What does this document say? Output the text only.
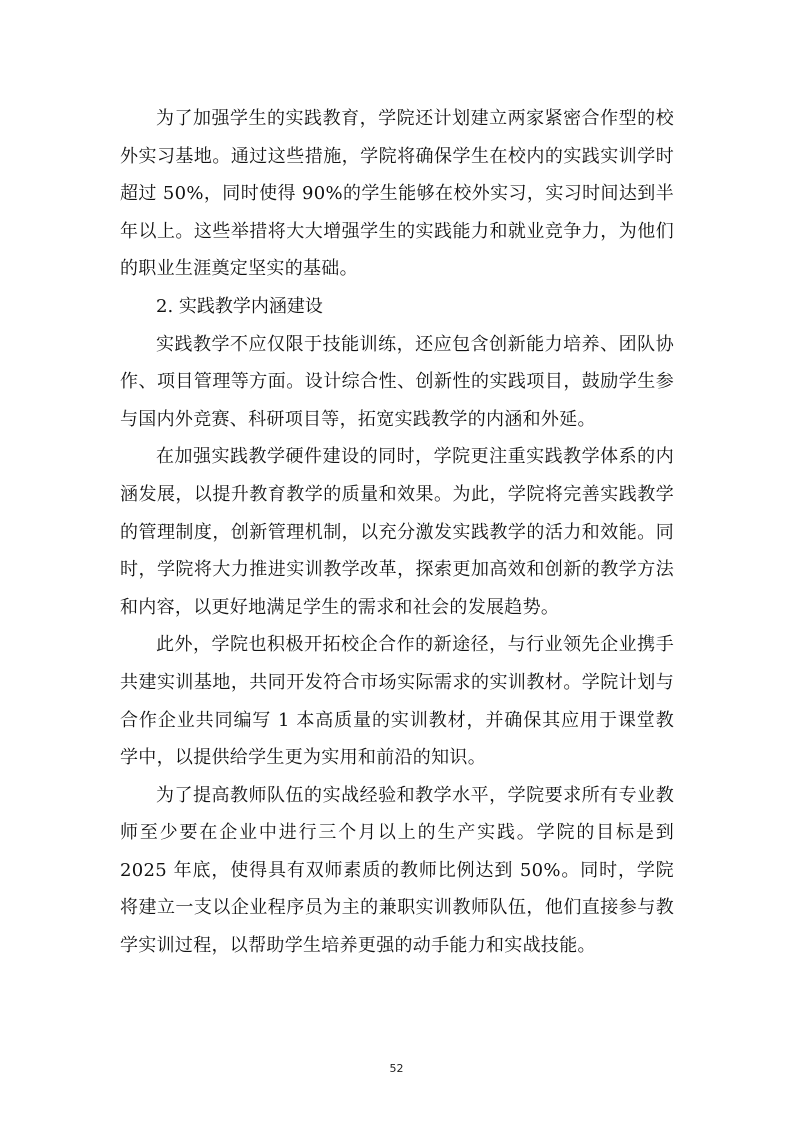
为了加强学生的实践教育，学院还计划建立两家紧密合作型的校外实习基地。通过这些措施，学院将确保学生在校内的实践实训学时超过 50%，同时使得 90%的学生能够在校外实习，实习时间达到半年以上。这些举措将大大增强学生的实践能力和就业竞争力，为他们的职业生涯奠定坚实的基础。

2. 实践教学内涵建设

实践教学不应仅限于技能训练，还应包含创新能力培养、团队协作、项目管理等方面。设计综合性、创新性的实践项目，鼓励学生参与国内外竞赛、科研项目等，拓宽实践教学的内涵和外延。

在加强实践教学硬件建设的同时，学院更注重实践教学体系的内涵发展，以提升教育教学的质量和效果。为此，学院将完善实践教学的管理制度，创新管理机制，以充分激发实践教学的活力和效能。同时，学院将大力推进实训教学改革，探索更加高效和创新的教学方法和内容，以更好地满足学生的需求和社会的发展趋势。

此外，学院也积极开拓校企合作的新途径，与行业领先企业携手共建实训基地，共同开发符合市场实际需求的实训教材。学院计划与合作企业共同编写 1 本高质量的实训教材，并确保其应用于课堂教学中，以提供给学生更为实用和前沿的知识。

为了提高教师队伍的实战经验和教学水平，学院要求所有专业教师至少要在企业中进行三个月以上的生产实践。学院的目标是到 2025 年底，使得具有双师素质的教师比例达到 50%。同时，学院将建立一支以企业程序员为主的兼职实训教师队伍，他们直接参与教学实训过程，以帮助学生培养更强的动手能力和实战技能。

52
